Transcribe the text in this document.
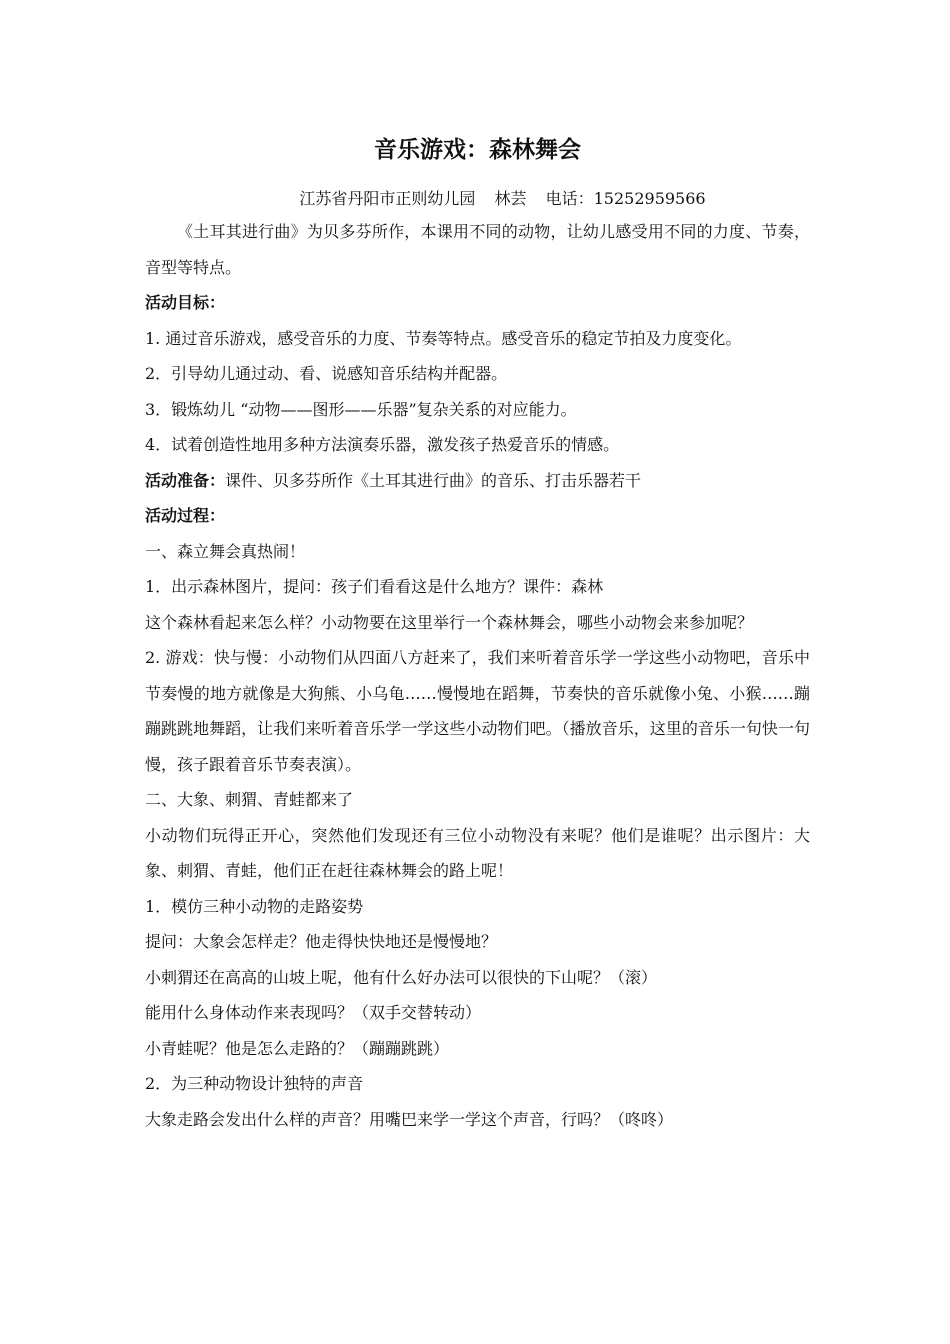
音乐游戏：森林舞会
江苏省丹阳市正则幼儿园 林芸 电话：15252959566

《土耳其进行曲》为贝多芬所作，本课用不同的动物，让幼儿感受用不同的力度、节奏，音型等特点。

活动目标：

1. 通过音乐游戏，感受音乐的力度、节奏等特点。感受音乐的稳定节拍及力度变化。

2．引导幼儿通过动、看、说感知音乐结构并配器。

3．锻炼幼儿 “动物——图形——乐器”复杂关系的对应能力。

4．试着创造性地用多种方法演奏乐器，激发孩子热爱音乐的情感。

活动准备：课件、贝多芬所作《土耳其进行曲》的音乐、打击乐器若干

活动过程：

一、森立舞会真热闹！

1．出示森林图片，提问：孩子们看看这是什么地方？课件：森林

这个森林看起来怎么样？小动物要在这里举行一个森林舞会，哪些小动物会来参加呢？

2. 游戏：快与慢：小动物们从四面八方赶来了，我们来听着音乐学一学这些小动物吧，音乐中节奏慢的地方就像是大狗熊、小乌龟……慢慢地在蹈舞，节奏快的音乐就像小兔、小猴……蹦蹦跳跳地舞蹈，让我们来听着音乐学一学这些小动物们吧。（播放音乐，这里的音乐一句快一句慢，孩子跟着音乐节奏表演）。

二、大象、刺猬、青蛙都来了

小动物们玩得正开心，突然他们发现还有三位小动物没有来呢？他们是谁呢？出示图片：大象、刺猬、青蛙，他们正在赶往森林舞会的路上呢！

1．模仿三种小动物的走路姿势

提问：大象会怎样走？他走得快快地还是慢慢地？

小刺猬还在高高的山坡上呢，他有什么好办法可以很快的下山呢？（滚）

能用什么身体动作来表现吗？（双手交替转动）

小青蛙呢？他是怎么走路的？（蹦蹦跳跳）

2．为三种动物设计独特的声音

大象走路会发出什么样的声音？用嘴巴来学一学这个声音，行吗？（咚咚）
